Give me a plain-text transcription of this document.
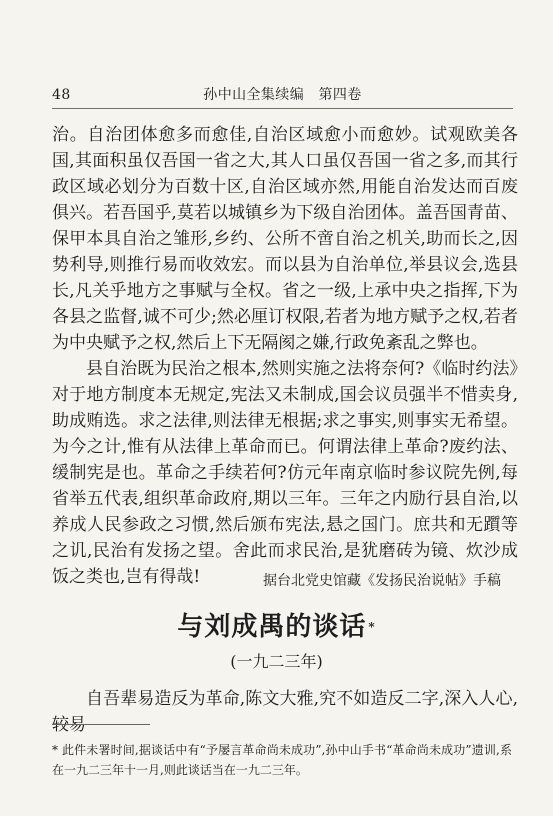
48	孙中山全集续编　第四卷

治。自治团体愈多而愈佳,自治区域愈小而愈妙。试观欧美各国,其面积虽仅吾国一省之大,其人口虽仅吾国一省之多,而其行政区域必划分为百数十区,自治区域亦然,用能自治发达而百废俱兴。若吾国乎,莫若以城镇乡为下级自治团体。盖吾国青苗、保甲本具自治之雏形,乡约、公所不啻自治之机关,助而长之,因势利导,则推行易而收效宏。而以县为自治单位,举县议会,选县长,凡关乎地方之事赋与全权。省之一级,上承中央之指挥,下为各县之监督,诚不可少;然必厘订权限,若者为地方赋予之权,若者为中央赋予之权,然后上下无隔阂之嫌,行政免紊乱之弊也。

县自治既为民治之根本,然则实施之法将奈何?《临时约法》对于地方制度本无规定,宪法又未制成,国会议员强半不惜卖身,助成贿选。求之法律,则法律无根据;求之事实,则事实无希望。为今之计,惟有从法律上革命而已。何谓法律上革命?废约法、缓制宪是也。革命之手续若何?仿元年南京临时参议院先例,每省举五代表,组织革命政府,期以三年。三年之内励行县自治,以养成人民参政之习惯,然后颁布宪法,悬之国门。庶共和无躓等之讥,民治有发扬之望。舍此而求民治,是犹磨砖为镜、炊沙成饭之类也,岂有得哉!	据台北党史馆藏《发扬民治说帖》手稿
与刘成禺的谈话 *
(一九二三年)
自吾辈易造反为革命,陈文大雅,究不如造反二字,深入人心,较易
* 此件未署时间,据谈话中有“予屡言革命尚未成功”,孙中山手书“革命尚未成功”遗训,系在一九二三年十一月,则此谈话当在一九二三年。
